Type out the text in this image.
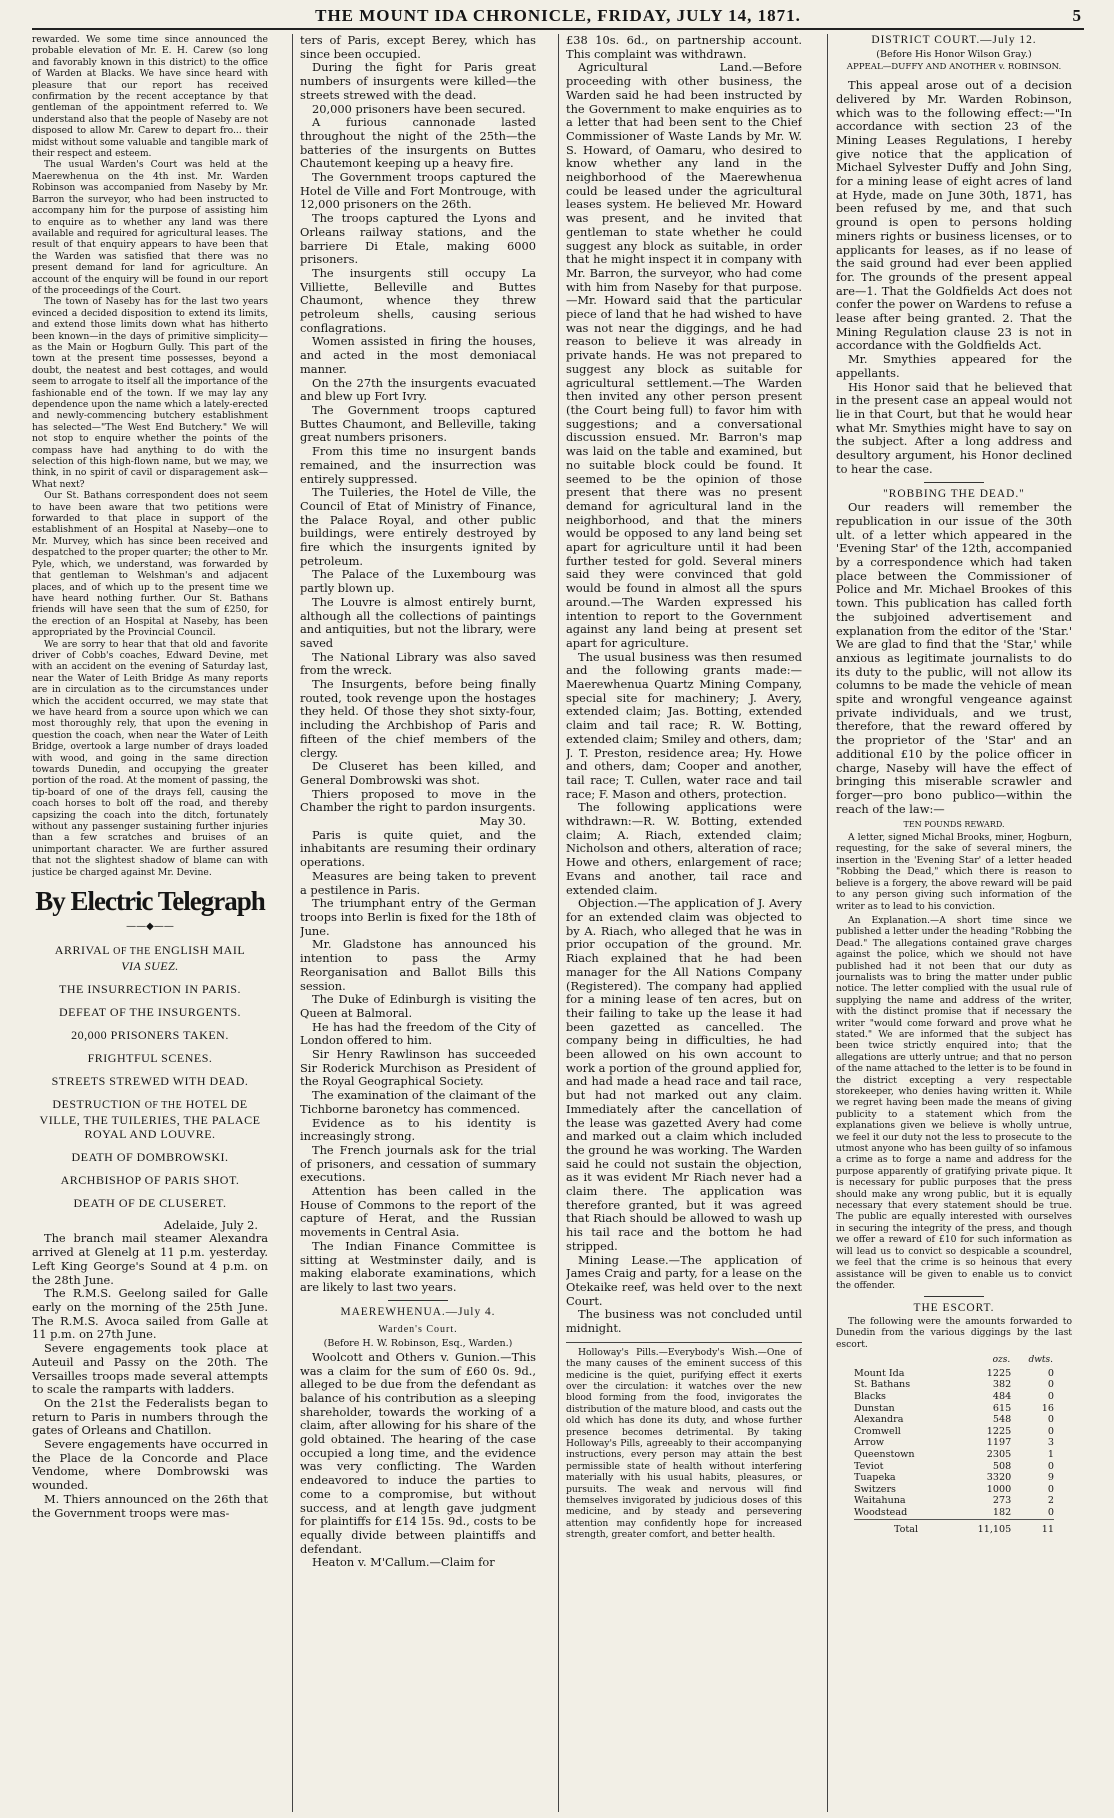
THE MOUNT IDA CHRONICLE, FRIDAY, JULY 14, 1871.	5

rewarded. We some time since announced the probable elevation of Mr. E. H. Carew (so long and favorably known in this district) to the office of Warden at Blacks. We have since heard with pleasure that our report has received confirmation by the recent acceptance by that gentleman of the appointment referred to. We understand also that the people of Naseby are not disposed to allow Mr. Carew to depart fro... their midst without some valuable and tangible mark of their respect and esteem.

The usual Warden's Court was held at the Maerewhenua on the 4th inst. Mr. Warden Robinson was accompanied from Naseby by Mr. Barron the surveyor, who had been instructed to accompany him for the purpose of assisting him to enquire as to whether any land was there available and required for agricultural leases. The result of that enquiry appears to have been that the Warden was satisfied that there was no present demand for land for agriculture. An account of the enquiry will be found in our report of the proceedings of the Court.

The town of Naseby has for the last two years evinced a decided disposition to extend its limits, and extend those limits down what has hitherto been known—in the days of primitive simplicity—as the Main or Hogburn Gully. This part of the town at the present time possesses, beyond a doubt, the neatest and best cottages, and would seem to arrogate to itself all the importance of the fashionable end of the town. If we may lay any dependence upon the name which a lately-erected and newly-commencing butchery establishment has selected—"The West End Butchery." We will not stop to enquire whether the points of the compass have had anything to do with the selection of this high-flown name, but we may, we think, in no spirit of cavil or disparagement ask—What next?

Our St. Bathans correspondent does not seem to have been aware that two petitions were forwarded to that place in support of the establishment of an Hospital at Naseby—one to Mr. Murvey, which has since been received and despatched to the proper quarter; the other to Mr. Pyle, which, we understand, was forwarded by that gentleman to Welshman's and adjacent places, and of which up to the present time we have heard nothing further. Our St. Bathans friends will have seen that the sum of £250, for the erection of an Hospital at Naseby, has been appropriated by the Provincial Council.

We are sorry to hear that that old and favorite driver of Cobb's coaches, Edward Devine, met with an accident on the evening of Saturday last, near the Water of Leith Bridge As many reports are in circulation as to the circumstances under which the accident occurred, we may state that we have heard from a source upon which we can most thoroughly rely, that upon the evening in question the coach, when near the Water of Leith Bridge, overtook a large number of drays loaded with wood, and going in the same direction towards Dunedin, and occupying the greater portion of the road. At the moment of passing, the tip-board of one of the drays fell, causing the coach horses to bolt off the road, and thereby capsizing the coach into the ditch, fortunately without any passenger sustaining further injuries than a few scratches and bruises of an unimportant character. We are further assured that not the slightest shadow of blame can with justice be charged against Mr. Devine.

By Electric Telegraph
——◆——
ARRIVAL OF THE ENGLISH MAIL
VIA SUEZ.
THE INSURRECTION IN PARIS.
DEFEAT OF THE INSURGENTS.
20,000 PRISONERS TAKEN.
FRIGHTFUL SCENES.
STREETS STREWED WITH DEAD.
DESTRUCTION OF THE HOTEL DE VILLE, THE TUILERIES, THE PALACE ROYAL AND LOUVRE.
DEATH OF DOMBROWSKI.
ARCHBISHOP OF PARIS SHOT.
DEATH OF DE CLUSERET.

Adelaide, July 2.

The branch mail steamer Alexandra arrived at Glenelg at 11 p.m. yesterday. Left King George's Sound at 4 p.m. on the 28th June.

The R.M.S. Geelong sailed for Galle early on the morning of the 25th June. The R.M.S. Avoca sailed from Galle at 11 p.m. on 27th June.

Severe engagements took place at Auteuil and Passy on the 20th. The Versailles troops made several attempts to scale the ramparts with ladders.

On the 21st the Federalists began to return to Paris in numbers through the gates of Orleans and Chatillon.

Severe engagements have occurred in the Place de la Concorde and Place Vendome, where Dombrowski was wounded.

M. Thiers announced on the 26th that the Government troops were mas-

ters of Paris, except Berey, which has since been occupied.

During the fight for Paris great numbers of insurgents were killed—the streets strewed with the dead.

20,000 prisoners have been secured.

A furious cannonade lasted throughout the night of the 25th—the batteries of the insurgents on Buttes Chautemont keeping up a heavy fire.

The Government troops captured the Hotel de Ville and Fort Montrouge, with 12,000 prisoners on the 26th.

The troops captured the Lyons and Orleans railway stations, and the barriere Di Etale, making 6000 prisoners.

The insurgents still occupy La Villiette, Belleville and Buttes Chaumont, whence they threw petroleum shells, causing serious conflagrations.

Women assisted in firing the houses, and acted in the most demoniacal manner.

On the 27th the insurgents evacuated and blew up Fort Ivry.

The Government troops captured Buttes Chaumont, and Belleville, taking great numbers prisoners.

From this time no insurgent bands remained, and the insurrection was entirely suppressed.

The Tuileries, the Hotel de Ville, the Council of Etat of Ministry of Finance, the Palace Royal, and other public buildings, were entirely destroyed by fire which the insurgents ignited by petroleum.

The Palace of the Luxembourg was partly blown up.

The Louvre is almost entirely burnt, although all the collections of paintings and antiquities, but not the library, were saved

The National Library was also saved from the wreck.

The Insurgents, before being finally routed, took revenge upon the hostages they held. Of those they shot sixty-four, including the Archbishop of Paris and fifteen of the chief members of the clergy.

De Cluseret has been killed, and General Dombrowski was shot.

Thiers proposed to move in the Chamber the right to pardon insurgents.

May 30.

Paris is quite quiet, and the inhabitants are resuming their ordinary operations.

Measures are being taken to prevent a pestilence in Paris.

The triumphant entry of the German troops into Berlin is fixed for the 18th of June.

Mr. Gladstone has announced his intention to pass the Army Reorganisation and Ballot Bills this session.

The Duke of Edinburgh is visiting the Queen at Balmoral.

He has had the freedom of the City of London offered to him.

Sir Henry Rawlinson has succeeded Sir Roderick Murchison as President of the Royal Geographical Society.

The examination of the claimant of the Tichborne baronetcy has commenced.

Evidence as to his identity is increasingly strong.

The French journals ask for the trial of prisoners, and cessation of summary executions.

Attention has been called in the House of Commons to the report of the capture of Herat, and the Russian movements in Central Asia.

The Indian Finance Committee is sitting at Westminster daily, and is making elaborate examinations, which are likely to last two years.

MAEREWHENUA.—July 4.

Warden's Court.

(Before H. W. Robinson, Esq., Warden.)

Woolcott and Others v. Gunion.—This was a claim for the sum of £60 0s. 9d., alleged to be due from the defendant as balance of his contribution as a sleeping shareholder, towards the working of a claim, after allowing for his share of the gold obtained. The hearing of the case occupied a long time, and the evidence was very conflicting. The Warden endeavored to induce the parties to come to a compromise, but without success, and at length gave judgment for plaintiffs for £14 15s. 9d., costs to be equally divide between plaintiffs and defendant.

Heaton v. M'Callum.—Claim for

£38 10s. 6d., on partnership account. This complaint was withdrawn.

Agricultural Land.—Before proceeding with other business, the Warden said he had been instructed by the Government to make enquiries as to a letter that had been sent to the Chief Commissioner of Waste Lands by Mr. W. S. Howard, of Oamaru, who desired to know whether any land in the neighborhood of the Maerewhenua could be leased under the agricultural leases system. He believed Mr. Howard was present, and he invited that gentleman to state whether he could suggest any block as suitable, in order that he might inspect it in company with Mr. Barron, the surveyor, who had come with him from Naseby for that purpose.—Mr. Howard said that the particular piece of land that he had wished to have was not near the diggings, and he had reason to believe it was already in private hands. He was not prepared to suggest any block as suitable for agricultural settlement.—The Warden then invited any other person present (the Court being full) to favor him with suggestions; and a conversational discussion ensued. Mr. Barron's map was laid on the table and examined, but no suitable block could be found. It seemed to be the opinion of those present that there was no present demand for agricultural land in the neighborhood, and that the miners would be opposed to any land being set apart for agriculture until it had been further tested for gold. Several miners said they were convinced that gold would be found in almost all the spurs around.—The Warden expressed his intention to report to the Government against any land being at present set apart for agriculture.

The usual business was then resumed and the following grants made:—Maerewhenua Quartz Mining Company, special site for machinery; J. Avery, extended claim; Jas. Botting, extended claim and tail race; R. W. Botting, extended claim; Smiley and others, dam; J. T. Preston, residence area; Hy. Howe and others, dam; Cooper and another, tail race; T. Cullen, water race and tail race; F. Mason and others, protection.

The following applications were withdrawn:—R. W. Botting, extended claim; A. Riach, extended claim; Nicholson and others, alteration of race; Howe and others, enlargement of race; Evans and another, tail race and extended claim.

Objection.—The application of J. Avery for an extended claim was objected to by A. Riach, who alleged that he was in prior occupation of the ground. Mr. Riach explained that he had been manager for the All Nations Company (Registered). The company had applied for a mining lease of ten acres, but on their failing to take up the lease it had been gazetted as cancelled. The company being in difficulties, he had been allowed on his own account to work a portion of the ground applied for, and had made a head race and tail race, but had not marked out any claim. Immediately after the cancellation of the lease was gazetted Avery had come and marked out a claim which included the ground he was working. The Warden said he could not sustain the objection, as it was evident Mr Riach never had a claim there. The application was therefore granted, but it was agreed that Riach should be allowed to wash up his tail race and the bottom he had stripped.

Mining Lease.—The application of James Craig and party, for a lease on the Otekaike reef, was held over to the next Court.

The business was not concluded until midnight.

Holloway's Pills.—Everybody's Wish.—One of the many causes of the eminent success of this medicine is the quiet, purifying effect it exerts over the circulation: it watches over the new blood forming from the food, invigorates the distribution of the mature blood, and casts out the old which has done its duty, and whose further presence becomes detrimental. By taking Holloway's Pills, agreeably to their accompanying instructions, every person may attain the best permissible state of health without interfering materially with his usual habits, pleasures, or pursuits. The weak and nervous will find themselves invigorated by judicious doses of this medicine, and by steady and persevering attention may confidently hope for increased strength, greater comfort, and better health.

DISTRICT COURT.—July 12.

(Before His Honor Wilson Gray.)

APPEAL—DUFFY AND ANOTHER v. ROBINSON.

This appeal arose out of a decision delivered by Mr. Warden Robinson, which was to the following effect:—"In accordance with section 23 of the Mining Leases Regulations, I hereby give notice that the application of Michael Sylvester Duffy and John Sing, for a mining lease of eight acres of land at Hyde, made on June 30th, 1871, has been refused by me, and that such ground is open to persons holding miners rights or business licenses, or to applicants for leases, as if no lease of the said ground had ever been applied for. The grounds of the present appeal are—1. That the Goldfields Act does not confer the power on Wardens to refuse a lease after being granted. 2. That the Mining Regulation clause 23 is not in accordance with the Goldfields Act.

Mr. Smythies appeared for the appellants.

His Honor said that he believed that in the present case an appeal would not lie in that Court, but that he would hear what Mr. Smythies might have to say on the subject. After a long address and desultory argument, his Honor declined to hear the case.

"ROBBING THE DEAD."

Our readers will remember the republication in our issue of the 30th ult. of a letter which appeared in the 'Evening Star' of the 12th, accompanied by a correspondence which had taken place between the Commissioner of Police and Mr. Michael Brookes of this town. This publication has called forth the subjoined advertisement and explanation from the editor of the 'Star.' We are glad to find that the 'Star,' while anxious as legitimate journalists to do its duty to the public, will not allow its columns to be made the vehicle of mean spite and wrongful vengeance against private individuals, and we trust, therefore, that the reward offered by the proprietor of the 'Star' and an additional £10 by the police officer in charge, Naseby will have the effect of bringing this miserable scrawler and forger—pro bono publico—within the reach of the law:—

TEN POUNDS REWARD.

A letter, signed Michal Brooks, miner, Hogburn, requesting, for the sake of several miners, the insertion in the 'Evening Star' of a letter headed "Robbing the Dead," which there is reason to believe is a forgery, the above reward will be paid to any person giving such information of the writer as to lead to his conviction.

An Explanation.—A short time since we published a letter under the heading "Robbing the Dead." The allegations contained grave charges against the police, which we should not have published had it not been that our duty as journalists was to bring the matter under public notice. The letter complied with the usual rule of supplying the name and address of the writer, with the distinct promise that if necessary the writer "would come forward and prove what he stated." We are informed that the subject has been twice strictly enquired into; that the allegations are utterly untrue; and that no person of the name attached to the letter is to be found in the district excepting a very respectable storekeeper, who denies having written it. While we regret having been made the means of giving publicity to a statement which from the explanations given we believe is wholly untrue, we feel it our duty not the less to prosecute to the utmost anyone who has been guilty of so infamous a crime as to forge a name and address for the purpose apparently of gratifying private pique. It is necessary for public purposes that the press should make any wrong public, but it is equally necessary that every statement should be true. The public are equally interested with ourselves in securing the integrity of the press, and though we offer a reward of £10 for such information as will lead us to convict so despicable a scoundrel, we feel that the crime is so heinous that every assistance will be given to enable us to convict the offender.

THE ESCORT.

The following were the amounts forwarded to Dunedin from the various diggings by the last escort.

	ozs.	dwts.
Mount Ida	1225	0
St. Bathans	382	0
Blacks	484	0
Dunstan	615	16
Alexandra	548	0
Cromwell	1225	0
Arrow	1197	3
Queenstown	2305	1
Teviot	508	0
Tuapeka	3320	9
Switzers	1000	0
Waitahuna	273	2
Woodstead	182	0
Total	11,105	11
